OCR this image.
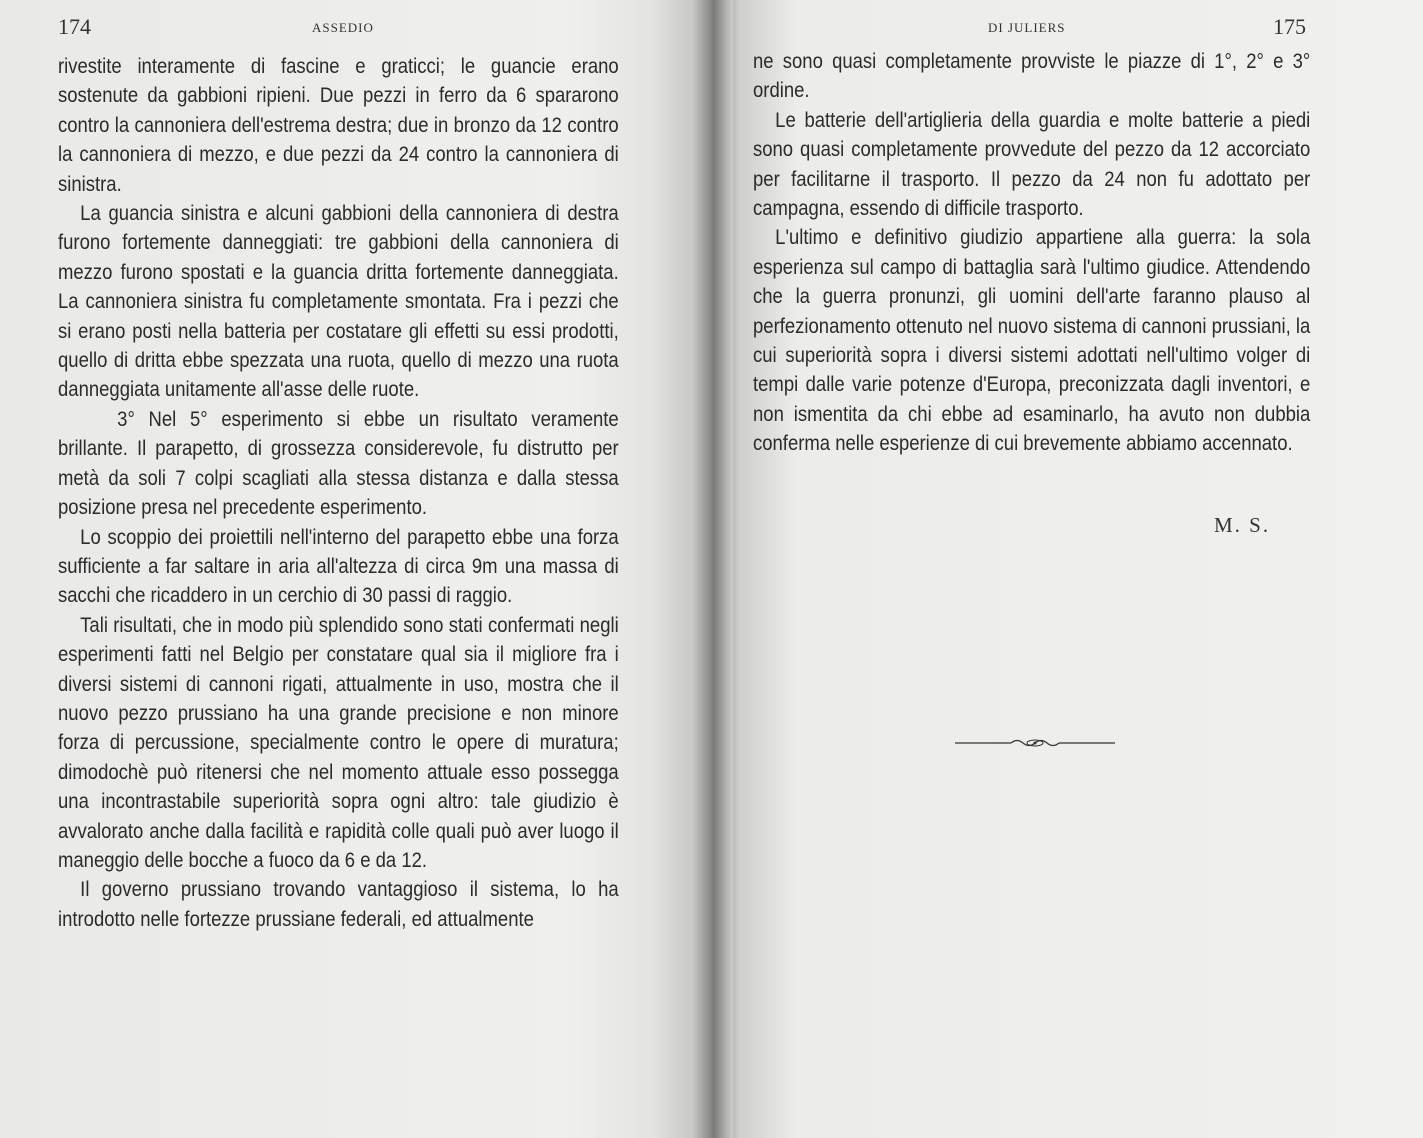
174	ASSEDIO

rivestite interamente di fascine e graticci; le guancie erano sostenute da gabbioni ripieni. Due pezzi in ferro da 6 spararono contro la cannoniera dell'estrema destra; due in bronzo da 12 contro la cannoniera di mezzo, e due pezzi da 24 contro la cannoniera di sinistra.

La guancia sinistra e alcuni gabbioni della cannoniera di destra furono fortemente danneggiati: tre gabbioni della cannoniera di mezzo furono spostati e la guancia dritta fortemente danneggiata. La cannoniera sinistra fu completamente smontata. Fra i pezzi che si erano posti nella batteria per costatare gli effetti su essi prodotti, quello di dritta ebbe spezzata una ruota, quello di mezzo una ruota danneggiata unitamente all'asse delle ruote.

3° Nel 5° esperimento si ebbe un risultato veramente brillante. Il parapetto, di grossezza considerevole, fu distrutto per metà da soli 7 colpi scagliati alla stessa distanza e dalla stessa posizione presa nel precedente esperimento.

Lo scoppio dei proiettili nell'interno del parapetto ebbe una forza sufficiente a far saltare in aria all'altezza di circa 9m una massa di sacchi che ricaddero in un cerchio di 30 passi di raggio.

Tali risultati, che in modo più splendido sono stati confermati negli esperimenti fatti nel Belgio per constatare qual sia il migliore fra i diversi sistemi di cannoni rigati, attualmente in uso, mostra che il nuovo pezzo prussiano ha una grande precisione e non minore forza di percussione, specialmente contro le opere di muratura; dimodochè può ritenersi che nel momento attuale esso possegga una incontrastabile superiorità sopra ogni altro: tale giudizio è avvalorato anche dalla facilità e rapidità colle quali può aver luogo il maneggio delle bocche a fuoco da 6 e da 12.

Il governo prussiano trovando vantaggioso il sistema, lo ha introdotto nelle fortezze prussiane federali, ed attualmente

DI JULIERS	175

ne sono quasi completamente provviste le piazze di 1°, 2° e 3° ordine.

Le batterie dell'artiglieria della guardia e molte batterie a piedi sono quasi completamente provvedute del pezzo da 12 accorciato per facilitarne il trasporto. Il pezzo da 24 non fu adottato per campagna, essendo di difficile trasporto.

L'ultimo e definitivo giudizio appartiene alla guerra: la sola esperienza sul campo di battaglia sarà l'ultimo giudice. Attendendo che la guerra pronunzi, gli uomini dell'arte faranno plauso al perfezionamento ottenuto nel nuovo sistema di cannoni prussiani, la cui superiorità sopra i diversi sistemi adottati nell'ultimo volger di tempi dalle varie potenze d'Europa, preconizzata dagli inventori, e non ismentita da chi ebbe ad esaminarlo, ha avuto non dubbia conferma nelle esperienze di cui brevemente abbiamo accennato.

M. S.
